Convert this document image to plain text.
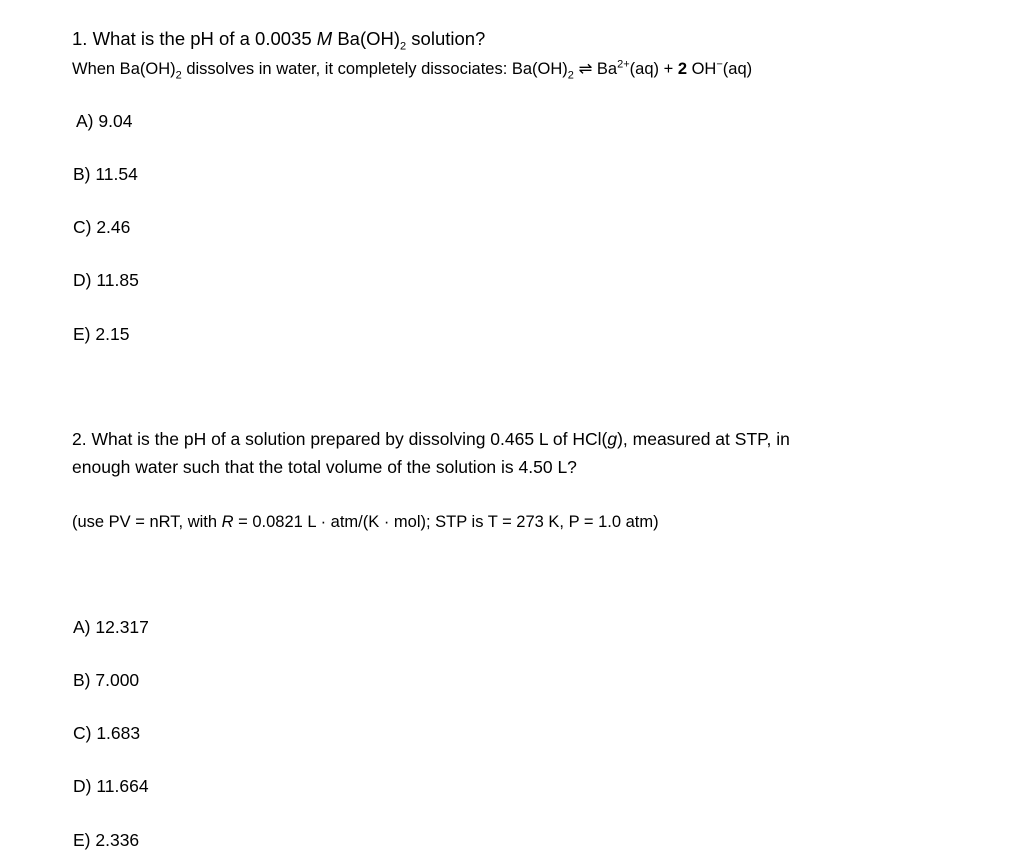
1. What is the pH of a 0.0035 M $Ba(OH)_2$ solution?
When $Ba(OH)_2$ dissolves in water, it completely dissociates: $Ba(OH)_2$ ⇌ $Ba^{2+}(aq) + 2$ OH−(aq)
A) 9.04
B) 11.54
C) 2.46
D) 11.85
E) 2.15
2. What is the pH of a solution prepared by dissolving 0.465 L of HCl(g), measured at STP, in
enough water such that the total volume of the solution is 4.50 L?
(use PV = nRT, with R = 0.0821 L · atm/(K · mol); STP is T = 273 K, P = 1.0 atm)
A) 12.317
B) 7.000
C) 1.683
D) 11.664
E) 2.336
